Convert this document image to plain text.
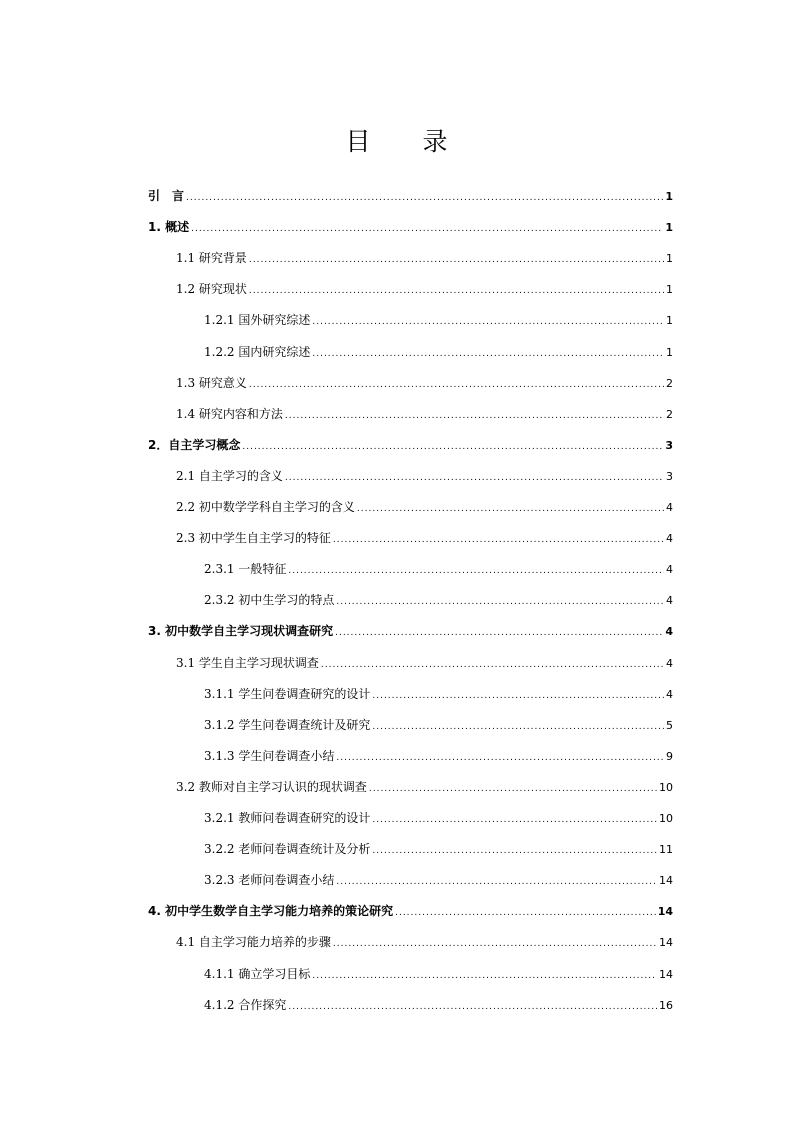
目 录
引　言 .....	1
1. 概述 .....	1
1.1 研究背景 .....	1
1.2 研究现状 .....	1
1.2.1 国外研究综述 .....	1
1.2.2 国内研究综述 .....	1
1.3 研究意义 .....	2
1.4 研究内容和方法 .....	2
2．自主学习概念 .....	3
2.1 自主学习的含义 .....	3
2.2 初中数学学科自主学习的含义 .....	4
2.3 初中学生自主学习的特征 .....	4
2.3.1 一般特征 .....	4
2.3.2 初中生学习的特点 .....	4
3. 初中数学自主学习现状调查研究 .....	4
3.1 学生自主学习现状调查 .....	4
3.1.1 学生问卷调查研究的设计 .....	4
3.1.2 学生问卷调查统计及研究 .....	5
3.1.3 学生问卷调查小结 .....	9
3.2 教师对自主学习认识的现状调查 .....	10
3.2.1 教师问卷调查研究的设计 .....	10
3.2.2 老师问卷调查统计及分析 .....	11
3.2.3 老师问卷调查小结 .....	14
4. 初中学生数学自主学习能力培养的策论研究 .....	14
4.1 自主学习能力培养的步骤 .....	14
4.1.1 确立学习目标 .....	14
4.1.2 合作探究 .....	16
